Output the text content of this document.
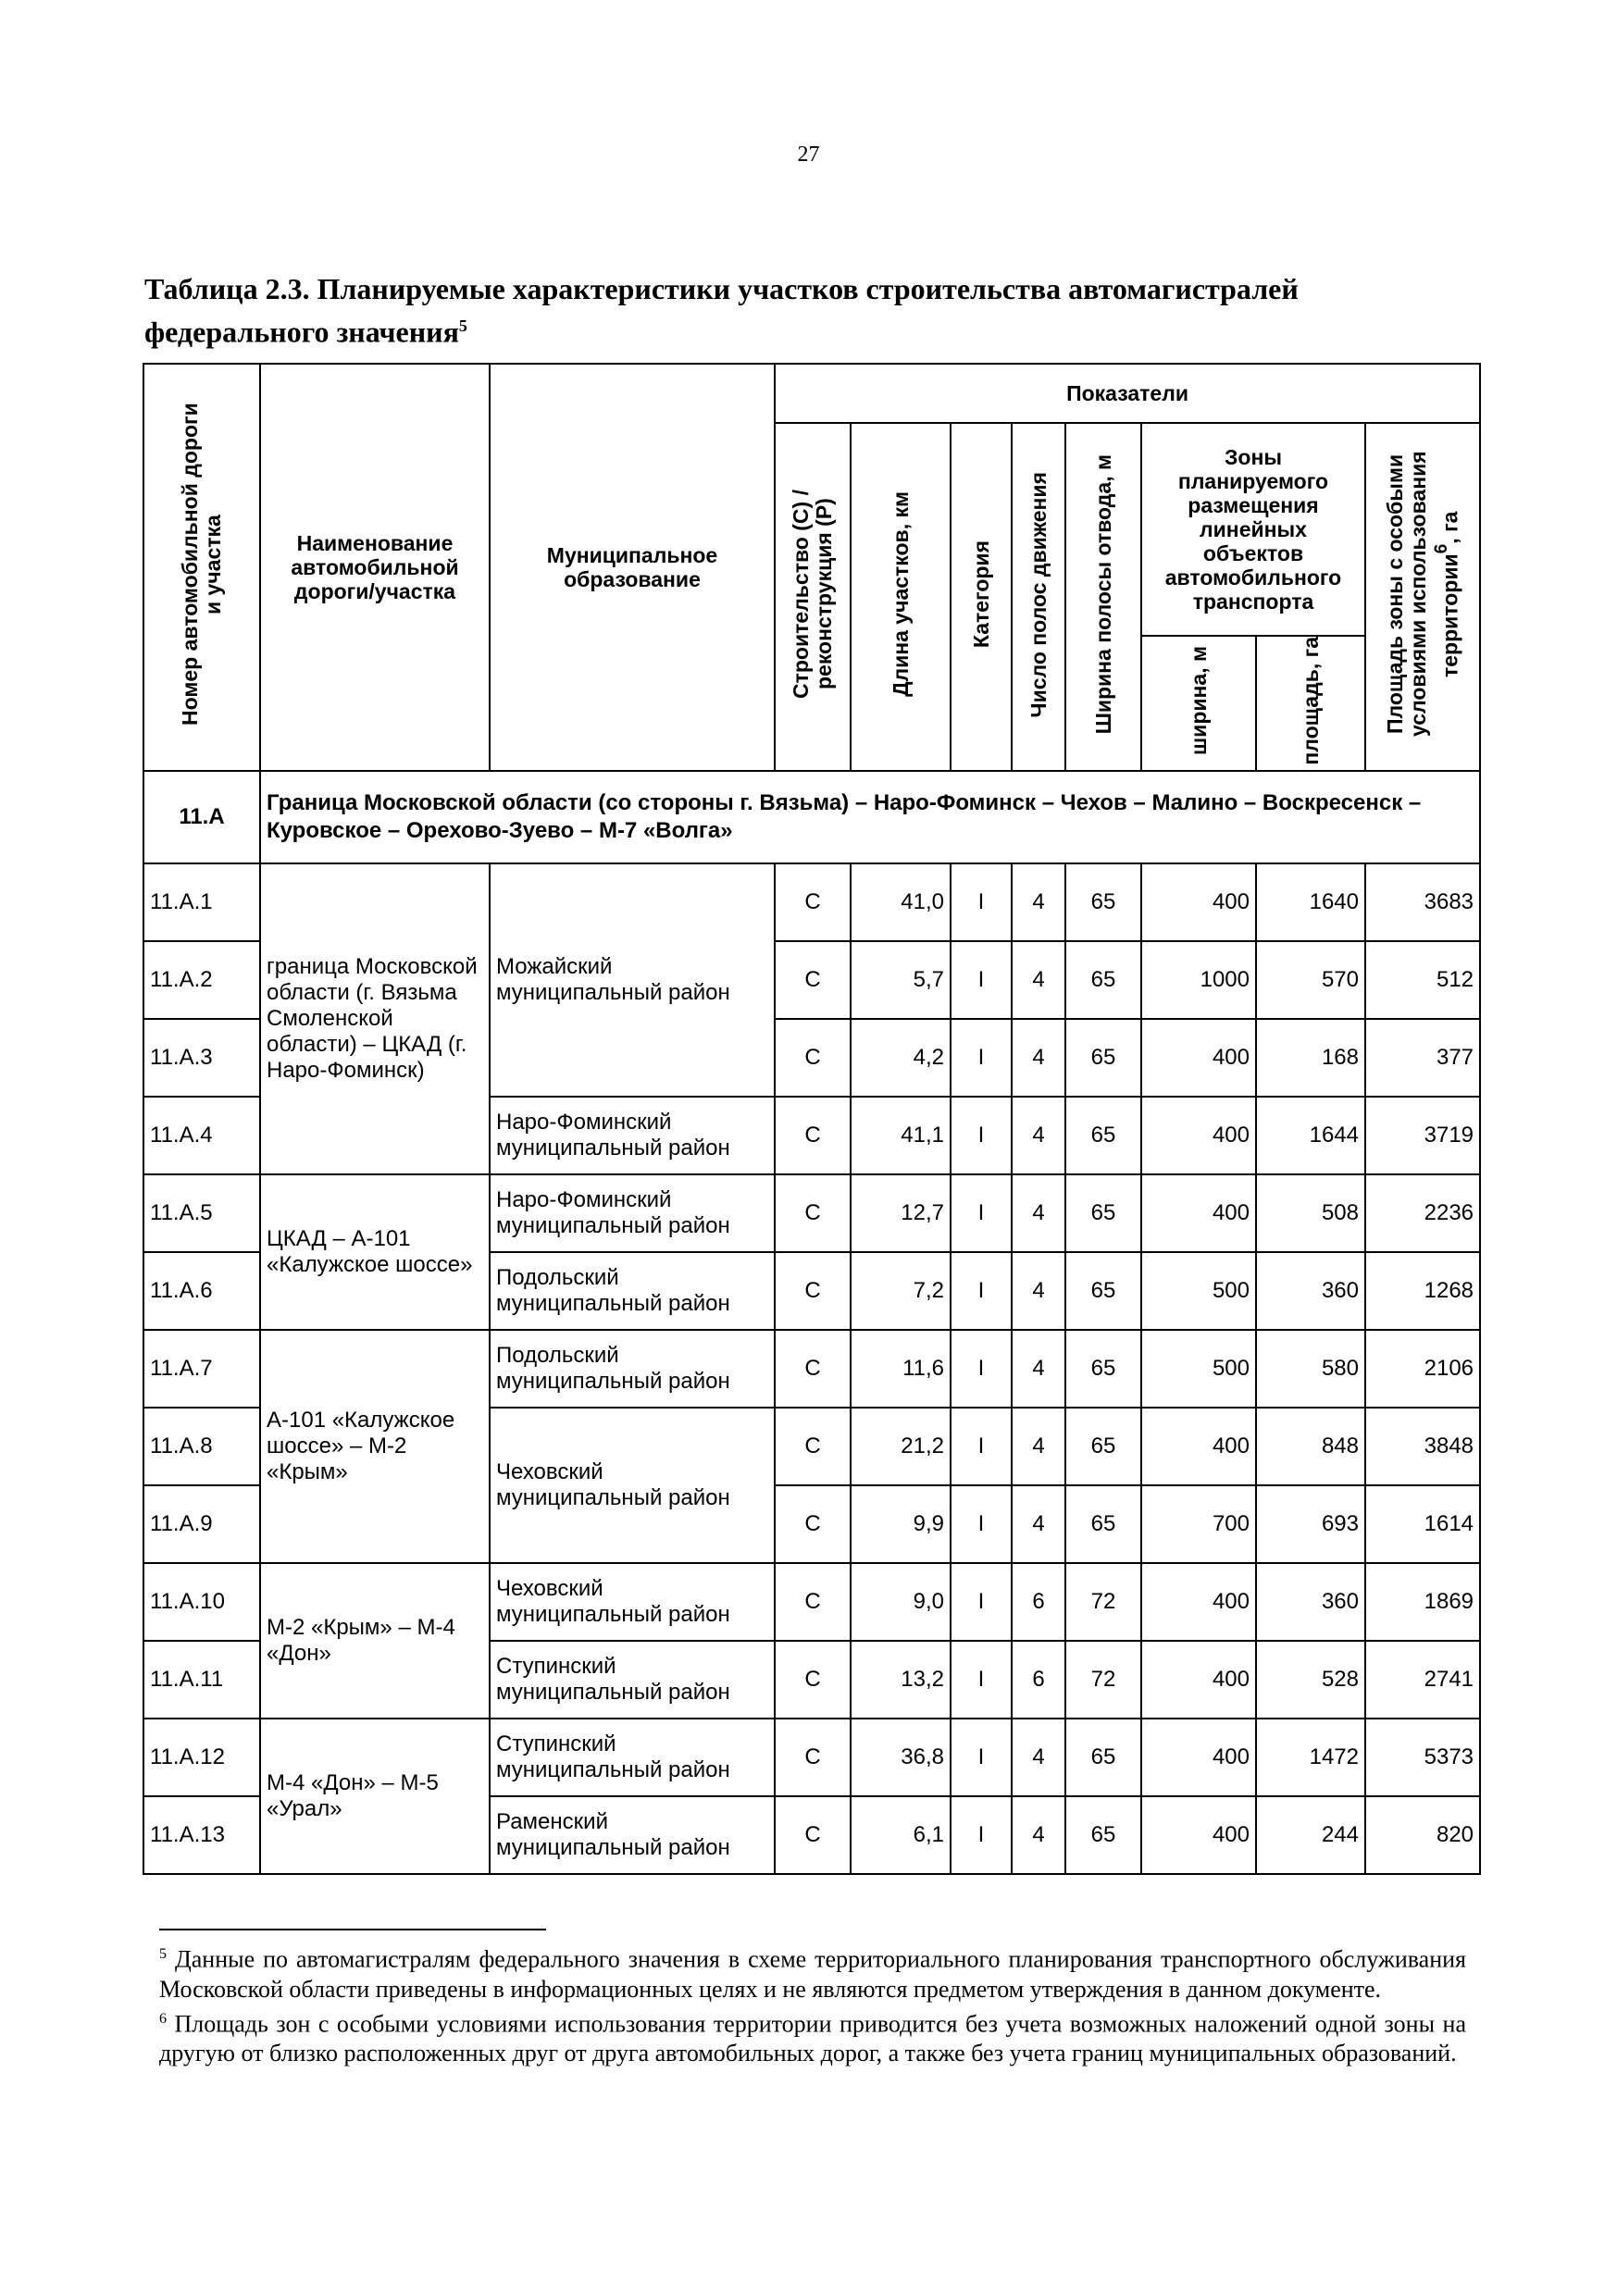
27
Таблица 2.3. Планируемые характеристики участков строительства автомагистралей федерального значения$^5$
Номер автомобильной дороги и участка	Наименование автомобильной дороги/участка	Муниципальное образование	Показатели							
			Строительство (С) / реконструкция (Р)	Длина участков, км	Категория	Число полос движения	Ширина полосы отвода, м	Зоны планируемого размещения линейных объектов автомобильного транспорта		Площадь зоны с особыми условиями использования территории$^6$, га
								ширина, м	площадь, га	
11.А	Граница Московской области (со стороны г. Вязьма) – Наро-Фоминск – Чехов – Малино – Воскресенск – Куровское – Орехово-Зуево – М-7 «Волга»									
11.А.1	граница Московской области (г. Вязьма Смоленской области) – ЦКАД (г. Наро-Фоминск)	Можайский муниципальный район	С	41,0	I	4	65	400	1640	3683
11.А.2			С	5,7	I	4	65	1000	570	512
11.А.3			С	4,2	I	4	65	400	168	377
11.А.4		Наро-Фоминский муниципальный район	С	41,1	I	4	65	400	1644	3719
11.А.5	ЦКАД – А-101 «Калужское шоссе»	Наро-Фоминский муниципальный район	С	12,7	I	4	65	400	508	2236
11.А.6		Подольский муниципальный район	С	7,2	I	4	65	500	360	1268
11.А.7	А-101 «Калужское шоссе» – М-2 «Крым»	Подольский муниципальный район	С	11,6	I	4	65	500	580	2106
11.А.8		Чеховский муниципальный район	С	21,2	I	4	65	400	848	3848
11.А.9			С	9,9	I	4	65	700	693	1614
11.А.10	М-2 «Крым» – М-4 «Дон»	Чеховский муниципальный район	С	9,0	I	6	72	400	360	1869
11.А.11		Ступинский муниципальный район	С	13,2	I	6	72	400	528	2741
11.А.12	М-4 «Дон» – М-5 «Урал»	Ступинский муниципальный район	С	36,8	I	4	65	400	1472	5373
11.А.13		Раменский муниципальный район	С	6,1	I	4	65	400	244	820

$^5$ Данные по автомагистралям федерального значения в схеме территориального планирования транспортного обслуживания Московской области приведены в информационных целях и не являются предметом утверждения в данном документе.

$^6$ Площадь зон с особыми условиями использования территории приводится без учета возможных наложений одной зоны на другую от близко расположенных друг от друга автомобильных дорог, а также без учета границ муниципальных образований.
